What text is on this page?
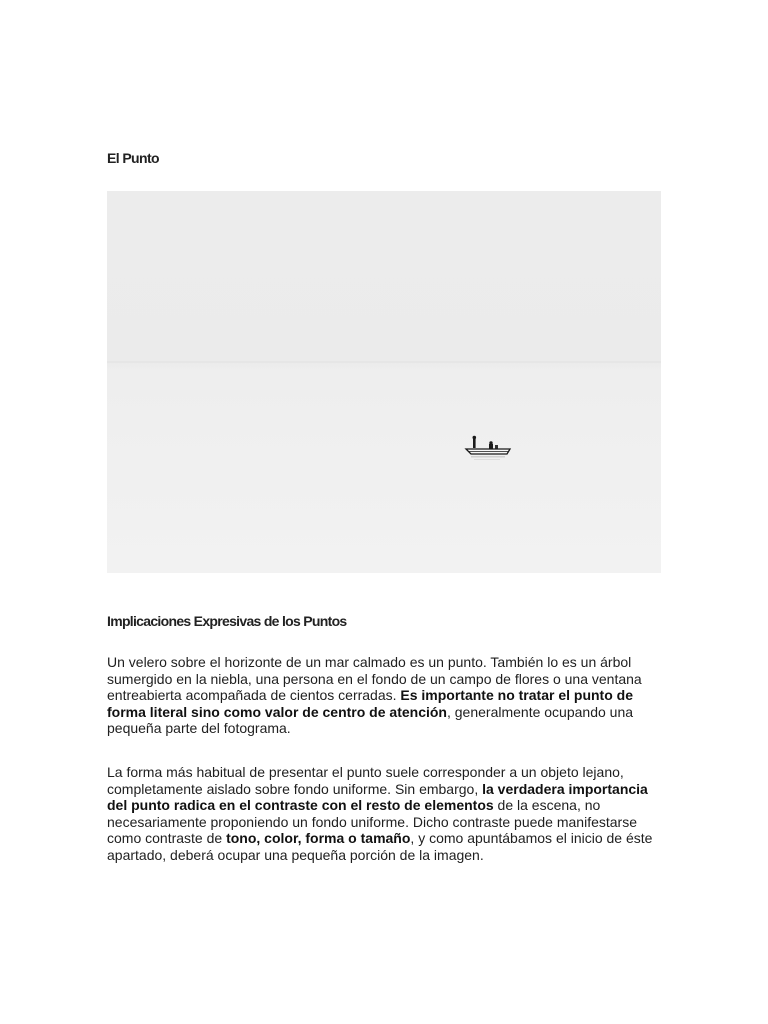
El Punto
Implicaciones Expresivas de los Puntos

Un velero sobre el horizonte de un mar calmado es un punto. También lo es un árbol sumergido en la niebla, una persona en el fondo de un campo de flores o una ventana entreabierta acompañada de cientos cerradas. Es importante no tratar el punto de forma literal sino como valor de centro de atención, generalmente ocupando una pequeña parte del fotograma.

La forma más habitual de presentar el punto suele corresponder a un objeto lejano, completamente aislado sobre fondo uniforme. Sin embargo, la verdadera importancia del punto radica en el contraste con el resto de elementos de la escena, no necesariamente proponiendo un fondo uniforme. Dicho contraste puede manifestarse como contraste de tono, color, forma o tamaño, y como apuntábamos el inicio de éste apartado, deberá ocupar una pequeña porción de la imagen.
